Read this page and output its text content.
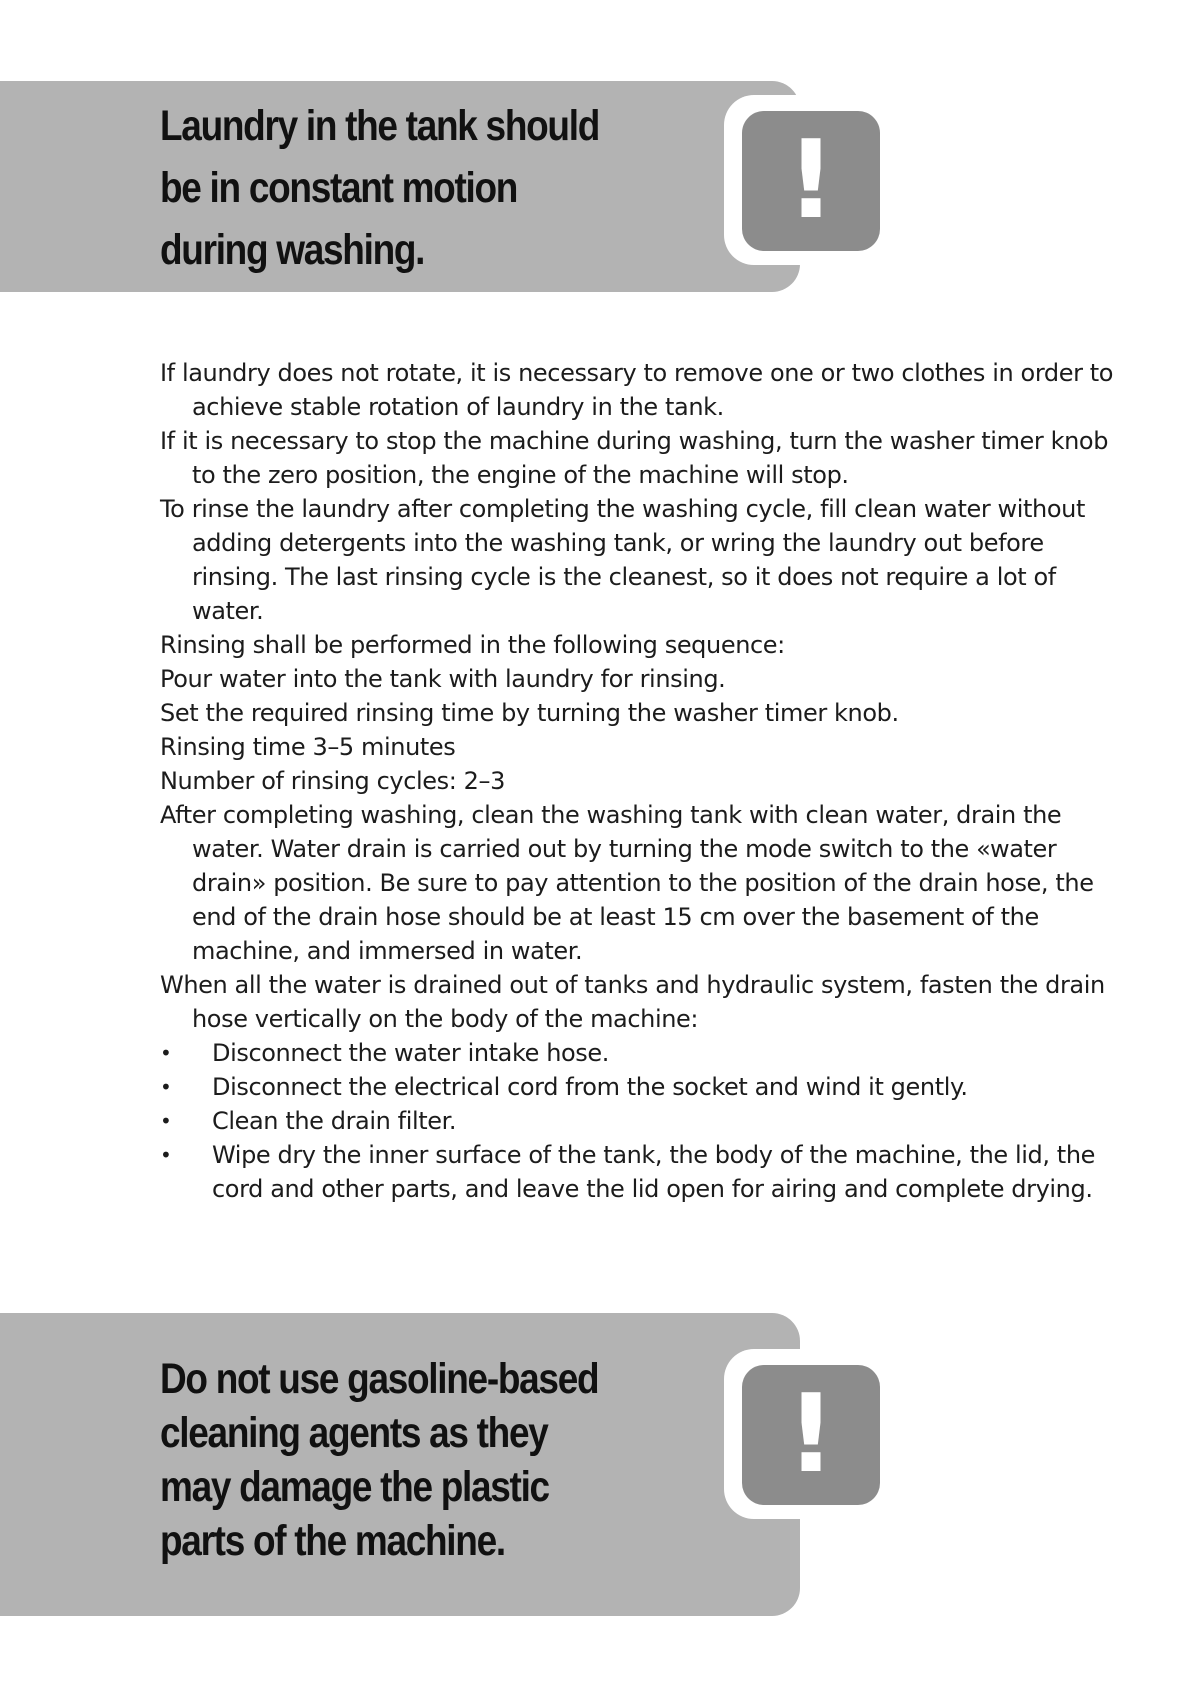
Laundry in the tank should be in constant motion during washing.

!

If laundry does not rotate, it is necessary to remove one or two clothes in order to achieve stable rotation of laundry in the tank.

If it is necessary to stop the machine during washing, turn the washer timer knob to the zero position, the engine of the machine will stop.

To rinse the laundry after completing the washing cycle, fill clean water without adding detergents into the washing tank, or wring the laundry out before rinsing. The last rinsing cycle is the cleanest, so it does not require a lot of water.

Rinsing shall be performed in the following sequence:

Pour water into the tank with laundry for rinsing.

Set the required rinsing time by turning the washer timer knob.

Rinsing time 3–5 minutes

Number of rinsing cycles: 2–3

After completing washing, clean the washing tank with clean water, drain the water. Water drain is carried out by turning the mode switch to the «water drain» position. Be sure to pay attention to the position of the drain hose, the end of the drain hose should be at least 15 cm over the basement of the machine, and immersed in water.

When all the water is drained out of tanks and hydraulic system, fasten the drain hose vertically on the body of the machine:

• Disconnect the water intake hose.
• Disconnect the electrical cord from the socket and wind it gently.
• Clean the drain filter.
• Wipe dry the inner surface of the tank, the body of the machine, the lid, the cord and other parts, and leave the lid open for airing and complete drying.

Do not use gasoline-based cleaning agents as they may damage the plastic parts of the machine.

!
